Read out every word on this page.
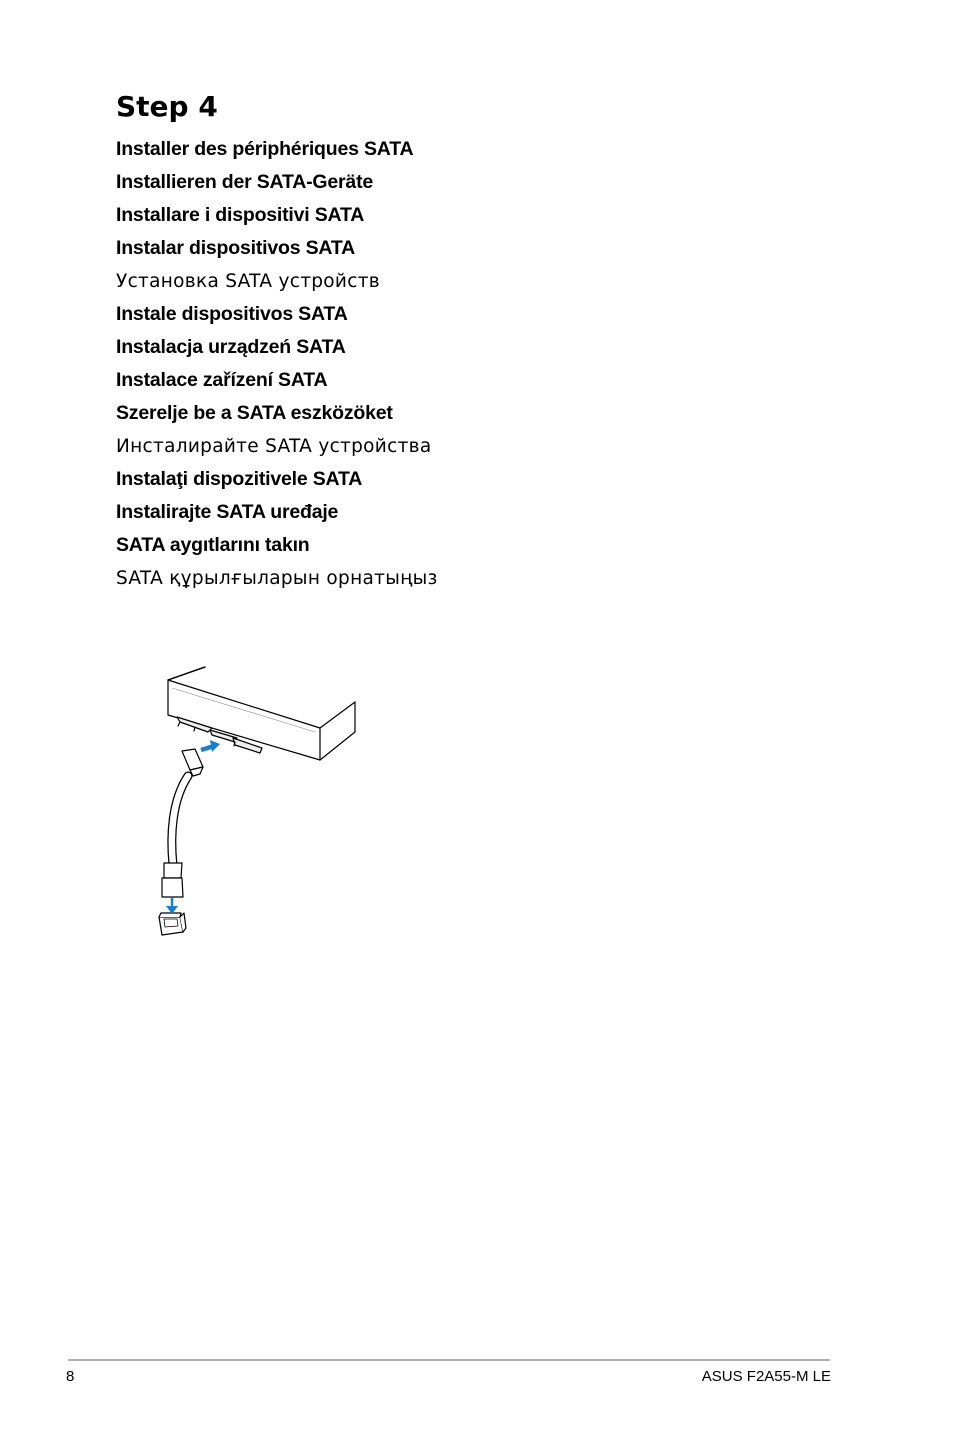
Step 4
Installer des périphériques SATA
Installieren der SATA-Geräte
Installare i dispositivi SATA
Instalar dispositivos SATA
Установка SATA устройств
Instale dispositivos SATA
Instalacja urządzeń SATA
Instalace zařízení SATA
Szerelje be a SATA eszközöket
Инсталирайте SATA устройства
Instalaţi dispozitivele SATA
Instalirajte SATA uređaje
SATA aygıtlarını takın
SATA құрылғыларын орнатыңыз
8	ASUS F2A55-M LE
